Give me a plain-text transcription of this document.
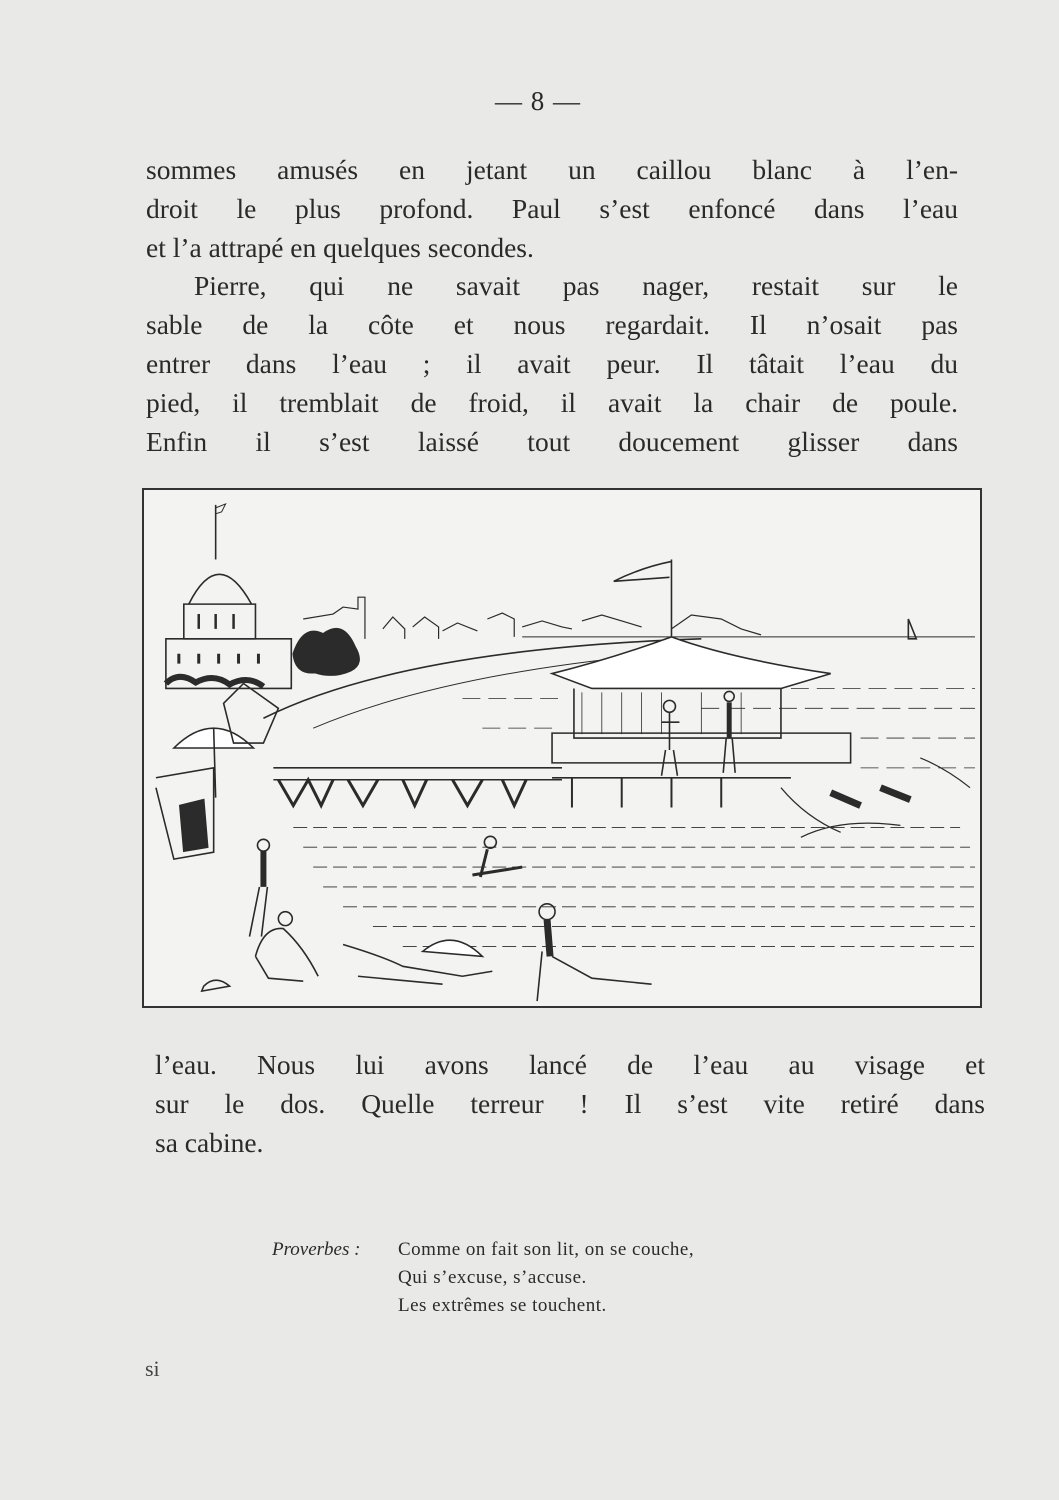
— 8 —

sommes amusés en jetant un caillou blanc à l’en-
droit le plus profond. Paul s’est enfoncé dans l’eau
et l’a attrapé en quelques secondes.

Pierre, qui ne savait pas nager, restait sur le
sable de la côte et nous regardait. Il n’osait pas
entrer dans l’eau ; il avait peur. Il tâtait l’eau du
pied, il tremblait de froid, il avait la chair de poule.
Enfin il s’est laissé tout doucement glisser dans

l’eau. Nous lui avons lancé de l’eau au visage et
sur le dos. Quelle terreur ! Il s’est vite retiré dans
sa cabine.

Proverbes : Comme on fait son lit, on se couche,
Qui s’excuse, s’accuse.
Les extrêmes se touchent.
si
